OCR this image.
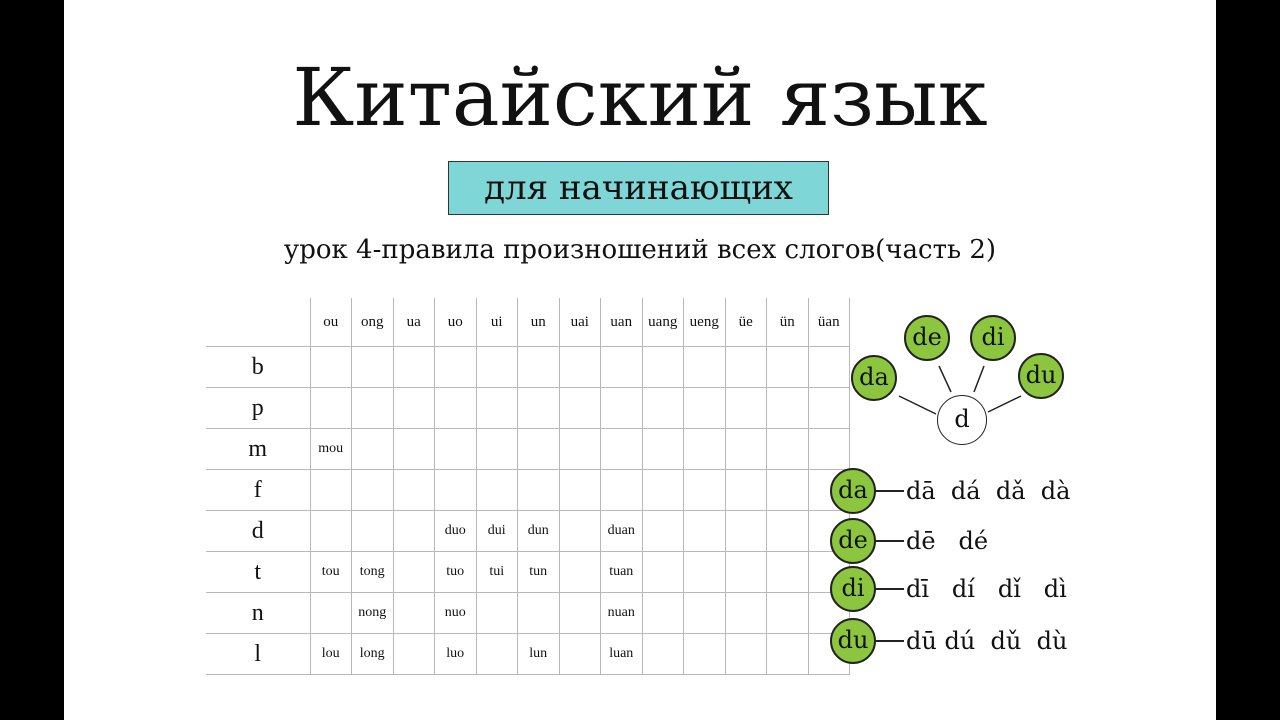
Китайский язык
для начинающих
урок 4-правила произношений всех слогов(часть 2)
	ou	ong	ua	uo	ui	un	uai	uan	uang	ueng	üe	ün	üan
b													
p													
m	mou												
f													
d				duo	dui	dun		duan					
t	tou	tong		tuo	tui	tun		tuan					
n		nong		nuo				nuan					
l	lou	long		luo		lun		luan					
da
de	di
du
d
da	dā  dá  dǎ  dà
de	dē   dé
di	dī   dí   dǐ   dì
du	dū dú  dǔ  dù
